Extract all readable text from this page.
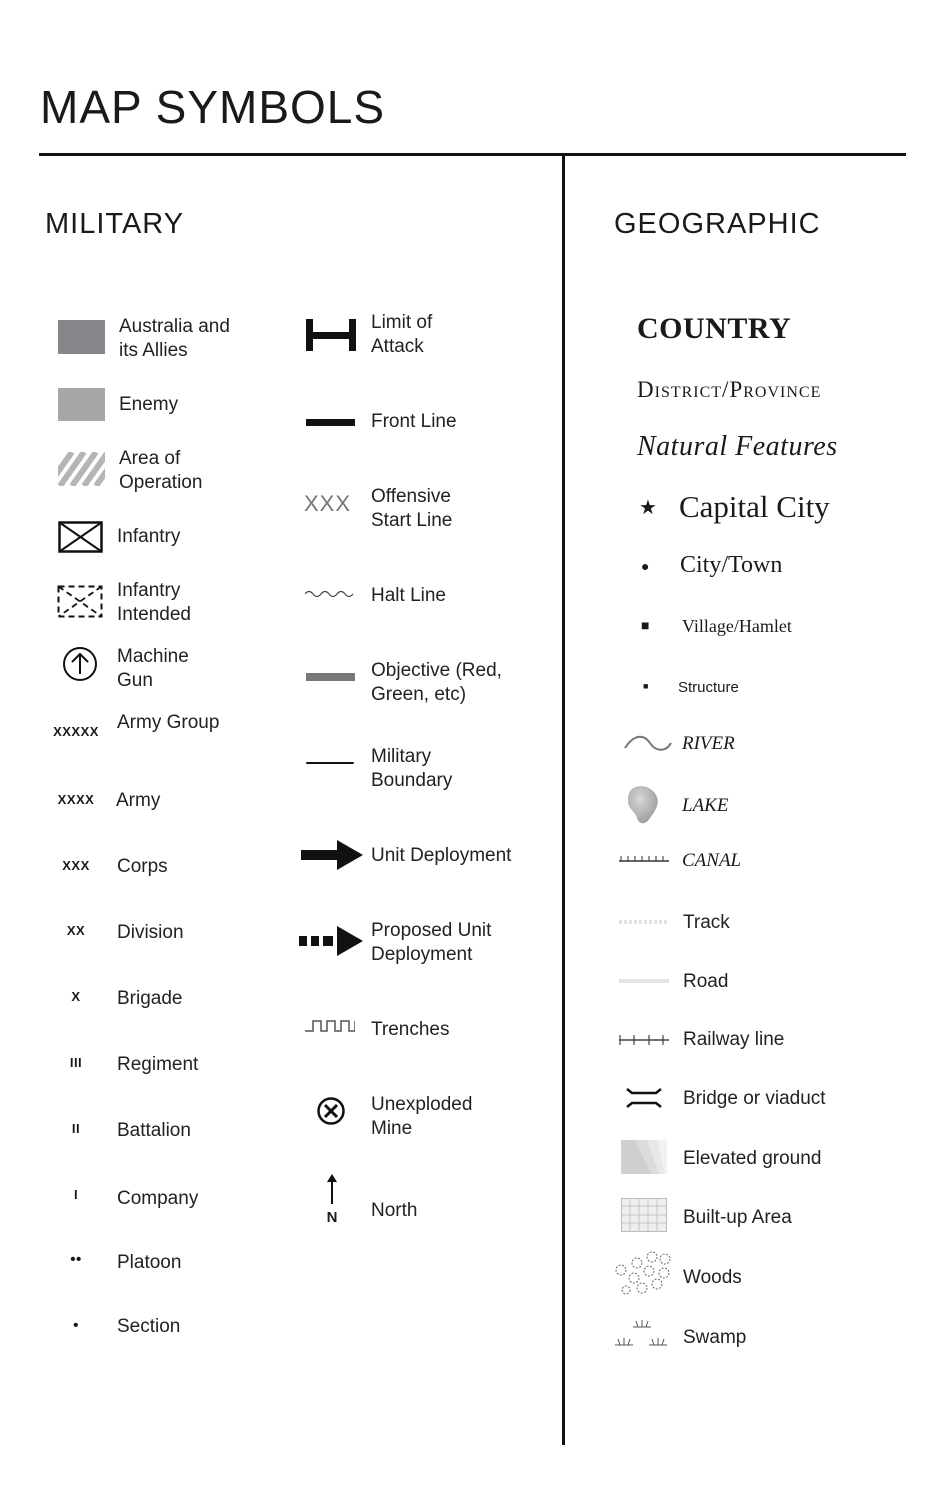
MAP SYMBOLS
MILITARY
Australia and its Allies
Enemy
Area of Operation
Infantry
Infantry Intended
Machine Gun
XXXXX Army Group
XXXX	Army
XXX	Corps
XX	Division
X	Brigade
III	Regiment
II	Battalion
I	Company
••	Platoon
•	Section
Limit of Attack
Front Line
XXX Offensive Start Line
Halt Line
Objective (Red, Green, etc)
Military Boundary
Unit Deployment
Proposed Unit Deployment
Trenches
Unexploded Mine
N North
GEOGRAPHIC
COUNTRY
District/Province
Natural Features
★ Capital City
● City/Town
■ Village/Hamlet
■ Structure
RIVER
LAKE
CANAL
Track
Road
Railway line
Bridge or viaduct
Elevated ground
Built-up Area
Woods
Swamp
